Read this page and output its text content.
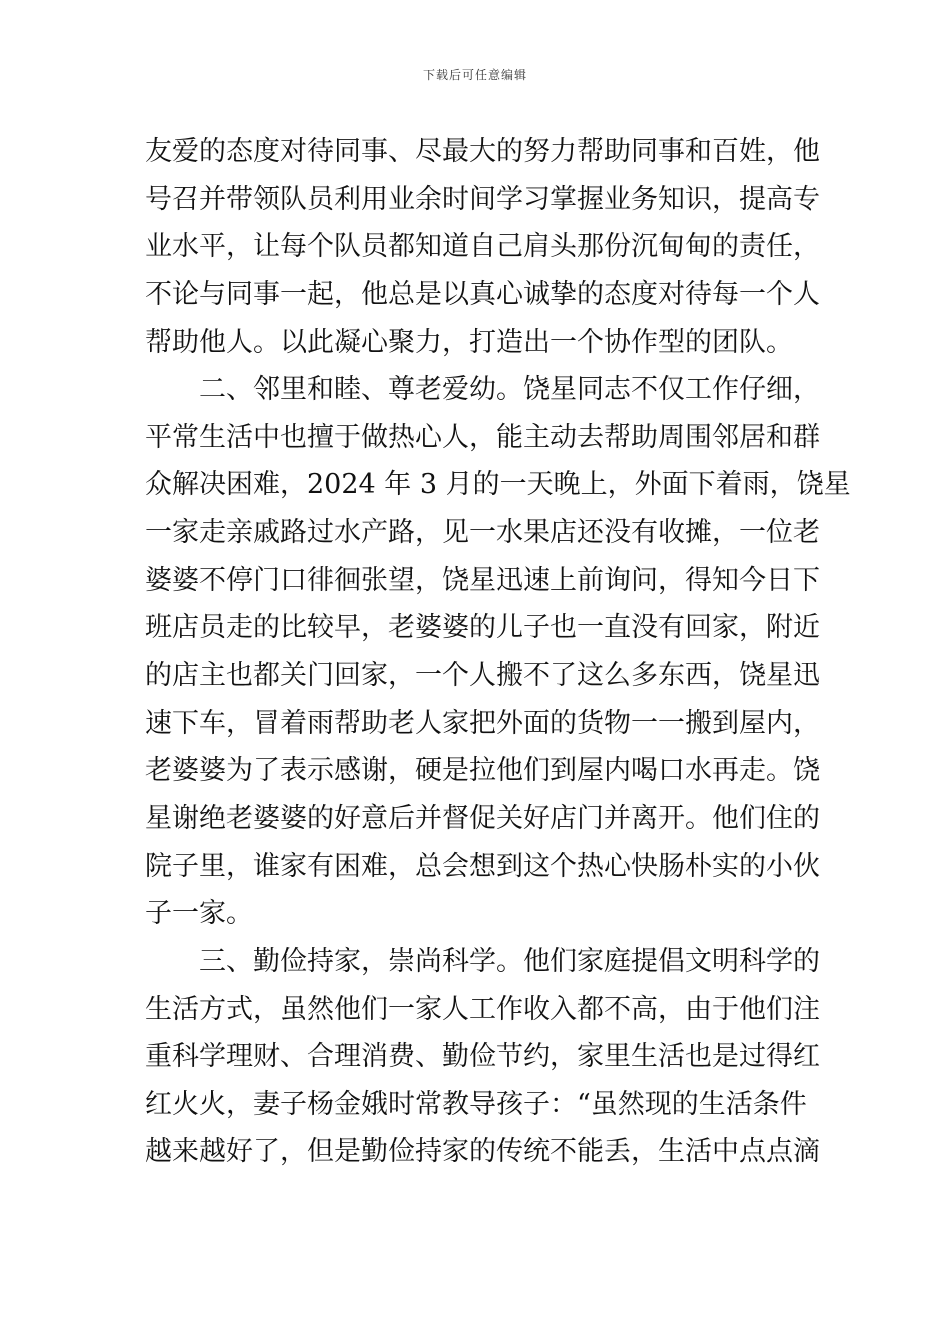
下载后可任意编辑
友爱的态度对待同事、尽最大的努力帮助同事和百姓，他
号召并带领队员利用业余时间学习掌握业务知识，提高专
业水平，让每个队员都知道自己肩头那份沉甸甸的责任，
不论与同事一起，他总是以真心诚挚的态度对待每一个人
帮助他人。以此凝心聚力，打造出一个协作型的团队。
　　二、邻里和睦、尊老爱幼。饶星同志不仅工作仔细，
平常生活中也擅于做热心人，能主动去帮助周围邻居和群
众解决困难，2024 年 3 月的一天晚上，外面下着雨，饶星
一家走亲戚路过水产路，见一水果店还没有收摊，一位老
婆婆不停门口徘徊张望，饶星迅速上前询问，得知今日下
班店员走的比较早，老婆婆的儿子也一直没有回家，附近
的店主也都关门回家，一个人搬不了这么多东西，饶星迅
速下车，冒着雨帮助老人家把外面的货物一一搬到屋内，
老婆婆为了表示感谢，硬是拉他们到屋内喝口水再走。饶
星谢绝老婆婆的好意后并督促关好店门并离开。他们住的
院子里，谁家有困难，总会想到这个热心快肠朴实的小伙
子一家。
　　三、勤俭持家，崇尚科学。他们家庭提倡文明科学的
生活方式，虽然他们一家人工作收入都不高，由于他们注
重科学理财、合理消费、勤俭节约，家里生活也是过得红
红火火，妻子杨金娥时常教导孩子：“虽然现的生活条件
越来越好了，但是勤俭持家的传统不能丢，生活中点点滴
